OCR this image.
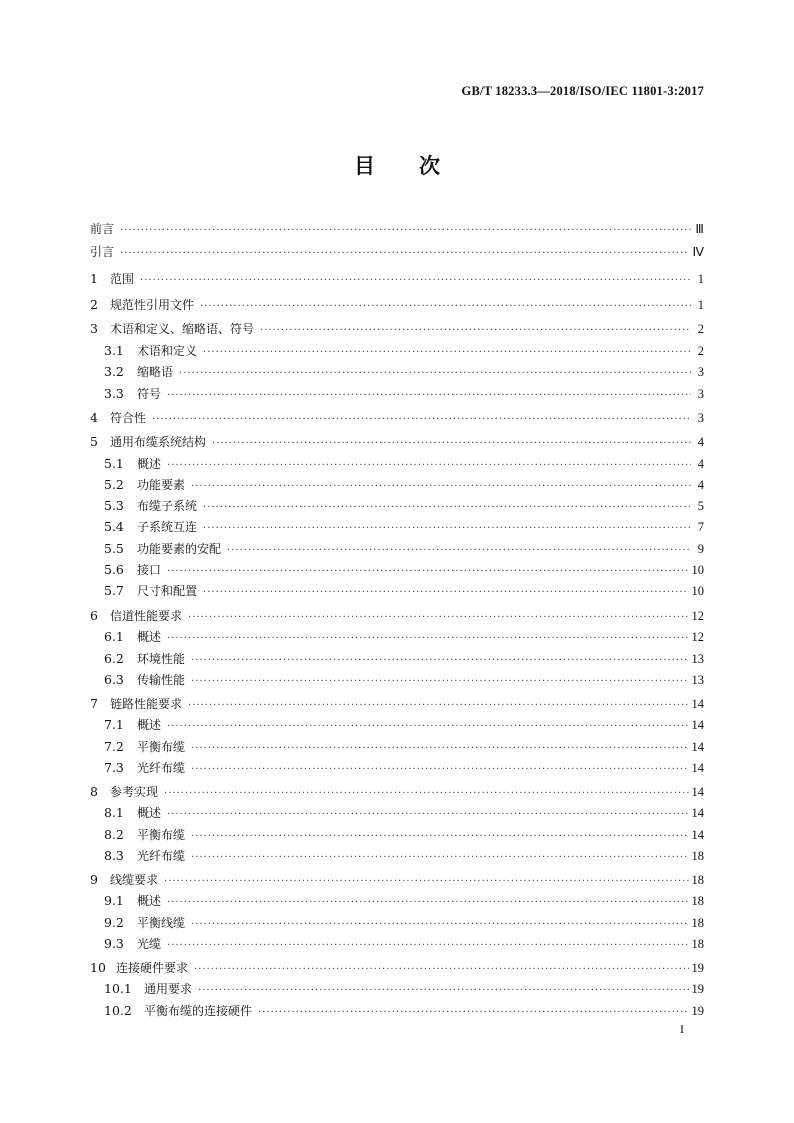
GB/T 18233.3—2018/ISO/IEC 11801-3:2017
目 次
前言 ·····	Ⅲ
引言 ·····	Ⅳ
1	范围 ·····	1
2	规范性引用文件 ·····	1
3	术语和定义、缩略语、符号 ·····	2
3.1	术语和定义 ·····	2
3.2	缩略语 ·····	3
3.3	符号 ·····	3
4	符合性 ·····	3
5	通用布缆系统结构 ·····	4
5.1	概述 ·····	4
5.2	功能要素 ·····	4
5.3	布缆子系统 ·····	5
5.4	子系统互连 ·····	7
5.5	功能要素的安配 ·····	9
5.6	接口 ·····	10
5.7	尺寸和配置 ·····	10
6	信道性能要求 ·····	12
6.1	概述 ·····	12
6.2	环境性能 ·····	13
6.3	传输性能 ·····	13
7	链路性能要求 ·····	14
7.1	概述 ·····	14
7.2	平衡布缆 ·····	14
7.3	光纤布缆 ·····	14
8	参考实现 ·····	14
8.1	概述 ·····	14
8.2	平衡布缆 ·····	14
8.3	光纤布缆 ·····	18
9	线缆要求 ·····	18
9.1	概述 ·····	18
9.2	平衡线缆 ·····	18
9.3	光缆 ·····	18
10 连接硬件要求 ·····	19
10.1	通用要求 ·····	19
10.2	平衡布缆的连接硬件 ·····	19
I
